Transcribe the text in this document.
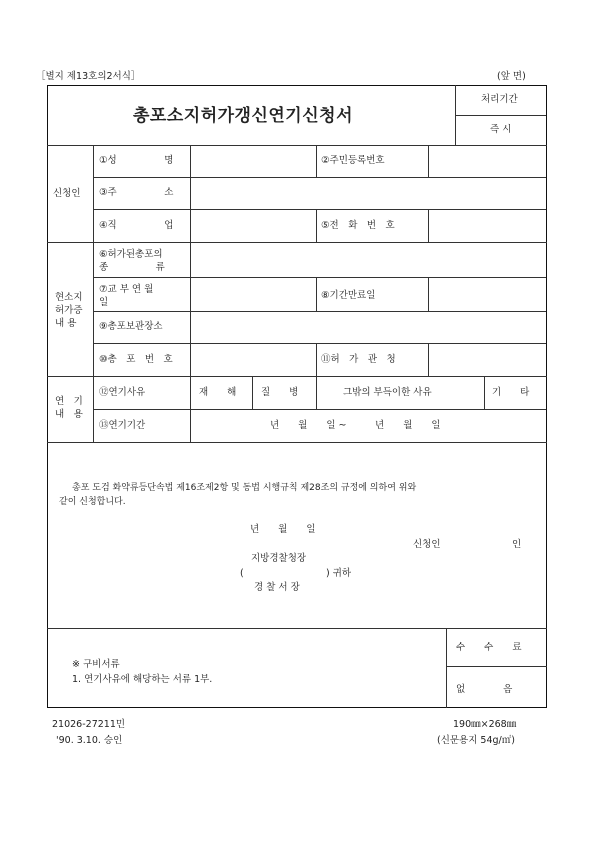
［별지 제13호의2서식］	(앞 면)
총포소지허가갱신연기신청서
처리기간
즉 시
신청인
①성　　　　　명	②주민등록번호
③주　　　　　소
④직　　　　　업	⑤전　화　번　호
현소지
허가증
내 용
⑥허가된총포의
종　　　　　류
⑦교 부 연 월
일
⑧기간만료일
⑨총포보관장소
⑩총　포　번　호	⑪허　가　관　청
연　기
내　용
⑫연기사유	재　　해	질　　병	그밖의 부득이한 사유	기　　타
⑬연기기간	년　　월　　일 ~　　　년　　월　　일
총포 도검 화약류등단속법 제16조제2항 및 동법 시행규칙 제28조의 규정에 의하여 위와
같이 신청합니다.
년　　월　　일
신청인	인
지방경찰청장
(	) 귀하
경 찰 서 장
※ 구비서류
1. 연기사유에 해당하는 서류 1부.
수　　수　　료
없　　　　음
21026-27211민
'90. 3.10. 승인
190㎜×268㎜
(신문용지 54g/㎡)
